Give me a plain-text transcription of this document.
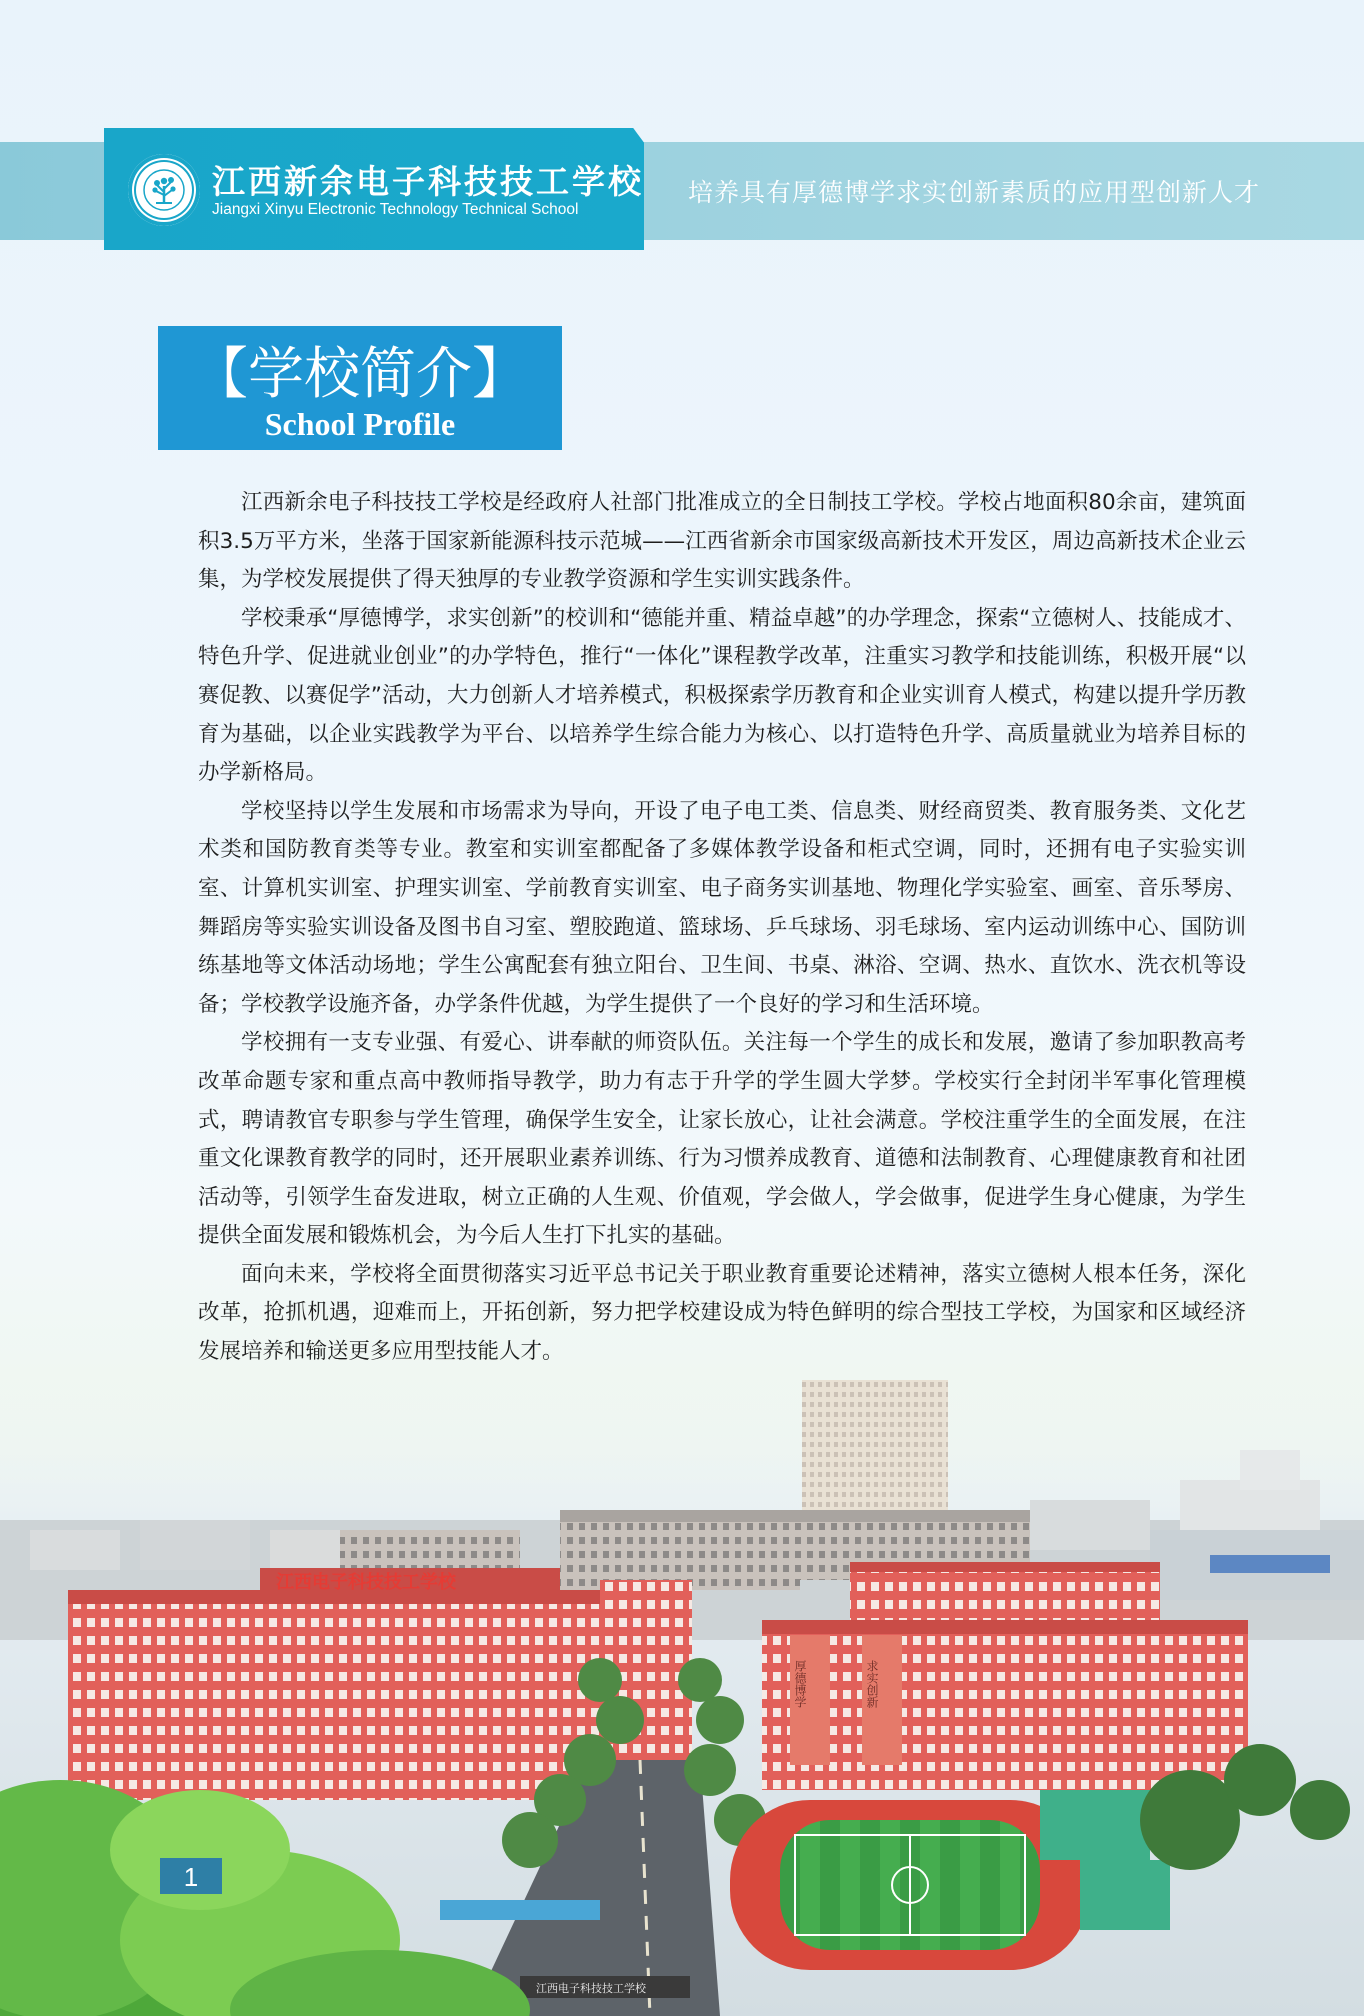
江西新余电子科技技工学校
Jiangxi Xinyu Electronic Technology Technical School
培养具有厚德博学求实创新素质的应用型创新人才
【学校简介】
School Profile

江西新余电子科技技工学校是经政府人社部门批准成立的全日制技工学校。学校占地面积80余亩，建筑面积3.5万平方米，坐落于国家新能源科技示范城——江西省新余市国家级高新技术开发区，周边高新技术企业云集，为学校发展提供了得天独厚的专业教学资源和学生实训实践条件。

学校秉承“厚德博学，求实创新”的校训和“德能并重、精益卓越”的办学理念，探索“立德树人、技能成才、特色升学、促进就业创业”的办学特色，推行“一体化”课程教学改革，注重实习教学和技能训练，积极开展“以赛促教、以赛促学”活动，大力创新人才培养模式，积极探索学历教育和企业实训育人模式，构建以提升学历教育为基础，以企业实践教学为平台、以培养学生综合能力为核心、以打造特色升学、高质量就业为培养目标的办学新格局。

学校坚持以学生发展和市场需求为导向，开设了电子电工类、信息类、财经商贸类、教育服务类、文化艺术类和国防教育类等专业。教室和实训室都配备了多媒体教学设备和柜式空调，同时，还拥有电子实验实训室、计算机实训室、护理实训室、学前教育实训室、电子商务实训基地、物理化学实验室、画室、音乐琴房、舞蹈房等实验实训设备及图书自习室、塑胶跑道、篮球场、乒乓球场、羽毛球场、室内运动训练中心、国防训练基地等文体活动场地；学生公寓配套有独立阳台、卫生间、书桌、淋浴、空调、热水、直饮水、洗衣机等设备；学校教学设施齐备，办学条件优越，为学生提供了一个良好的学习和生活环境。

学校拥有一支专业强、有爱心、讲奉献的师资队伍。关注每一个学生的成长和发展，邀请了参加职教高考改革命题专家和重点高中教师指导教学，助力有志于升学的学生圆大学梦。学校实行全封闭半军事化管理模式，聘请教官专职参与学生管理，确保学生安全，让家长放心，让社会满意。学校注重学生的全面发展，在注重文化课教育教学的同时，还开展职业素养训练、行为习惯养成教育、道德和法制教育、心理健康教育和社团活动等，引领学生奋发进取，树立正确的人生观、价值观，学会做人，学会做事，促进学生身心健康，为学生提供全面发展和锻炼机会，为今后人生打下扎实的基础。

面向未来，学校将全面贯彻落实习近平总书记关于职业教育重要论述精神，落实立德树人根本任务，深化改革，抢抓机遇，迎难而上，开拓创新，努力把学校建设成为特色鲜明的综合型技工学校，为国家和区域经济发展培养和输送更多应用型技能人才。

江西电子科技技工学校
厚德博学	求实创新
江西电子科技技工学校
1
